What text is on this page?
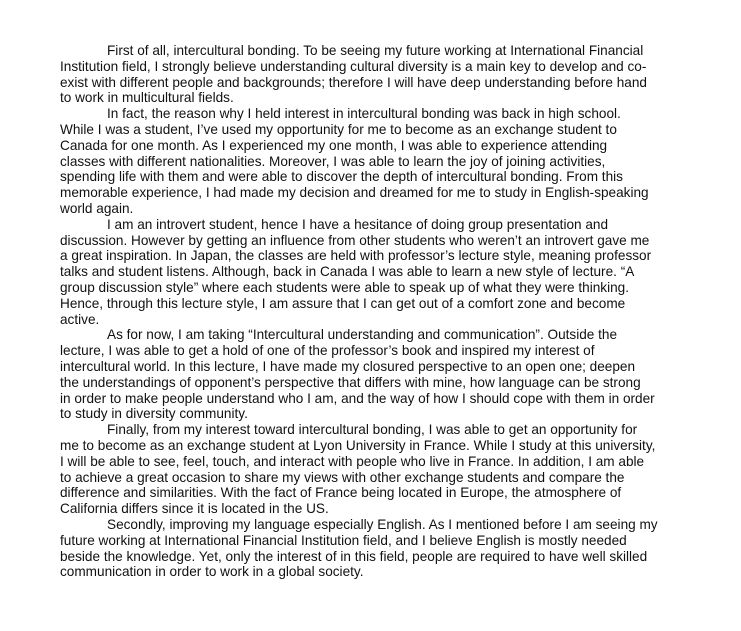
First of all, intercultural bonding. To be seeing my future working at International Financial
Institution field, I strongly believe understanding cultural diversity is a main key to develop and co-
exist with different people and backgrounds; therefore I will have deep understanding before hand
to work in multicultural fields.

In fact, the reason why I held interest in intercultural bonding was back in high school.
While I was a student, I’ve used my opportunity for me to become as an exchange student to
Canada for one month. As I experienced my one month, I was able to experience attending
classes with different nationalities. Moreover, I was able to learn the joy of joining activities,
spending life with them and were able to discover the depth of intercultural bonding. From this
memorable experience, I had made my decision and dreamed for me to study in English-speaking
world again.

I am an introvert student, hence I have a hesitance of doing group presentation and
discussion. However by getting an influence from other students who weren’t an introvert gave me
a great inspiration. In Japan, the classes are held with professor’s lecture style, meaning professor
talks and student listens. Although, back in Canada I was able to learn a new style of lecture. “A
group discussion style” where each students were able to speak up of what they were thinking.
Hence, through this lecture style, I am assure that I can get out of a comfort zone and become
active.

As for now, I am taking “Intercultural understanding and communication”. Outside the
lecture, I was able to get a hold of one of the professor’s book and inspired my interest of
intercultural world. In this lecture, I have made my closured perspective to an open one; deepen
the understandings of opponent’s perspective that differs with mine, how language can be strong
in order to make people understand who I am, and the way of how I should cope with them in order
to study in diversity community.

Finally, from my interest toward intercultural bonding, I was able to get an opportunity for
me to become as an exchange student at Lyon University in France. While I study at this university,
I will be able to see, feel, touch, and interact with people who live in France. In addition, I am able
to achieve a great occasion to share my views with other exchange students and compare the
difference and similarities. With the fact of France being located in Europe, the atmosphere of
California differs since it is located in the US.

Secondly, improving my language especially English. As I mentioned before I am seeing my
future working at International Financial Institution field, and I believe English is mostly needed
beside the knowledge. Yet, only the interest of in this field, people are required to have well skilled
communication in order to work in a global society.
